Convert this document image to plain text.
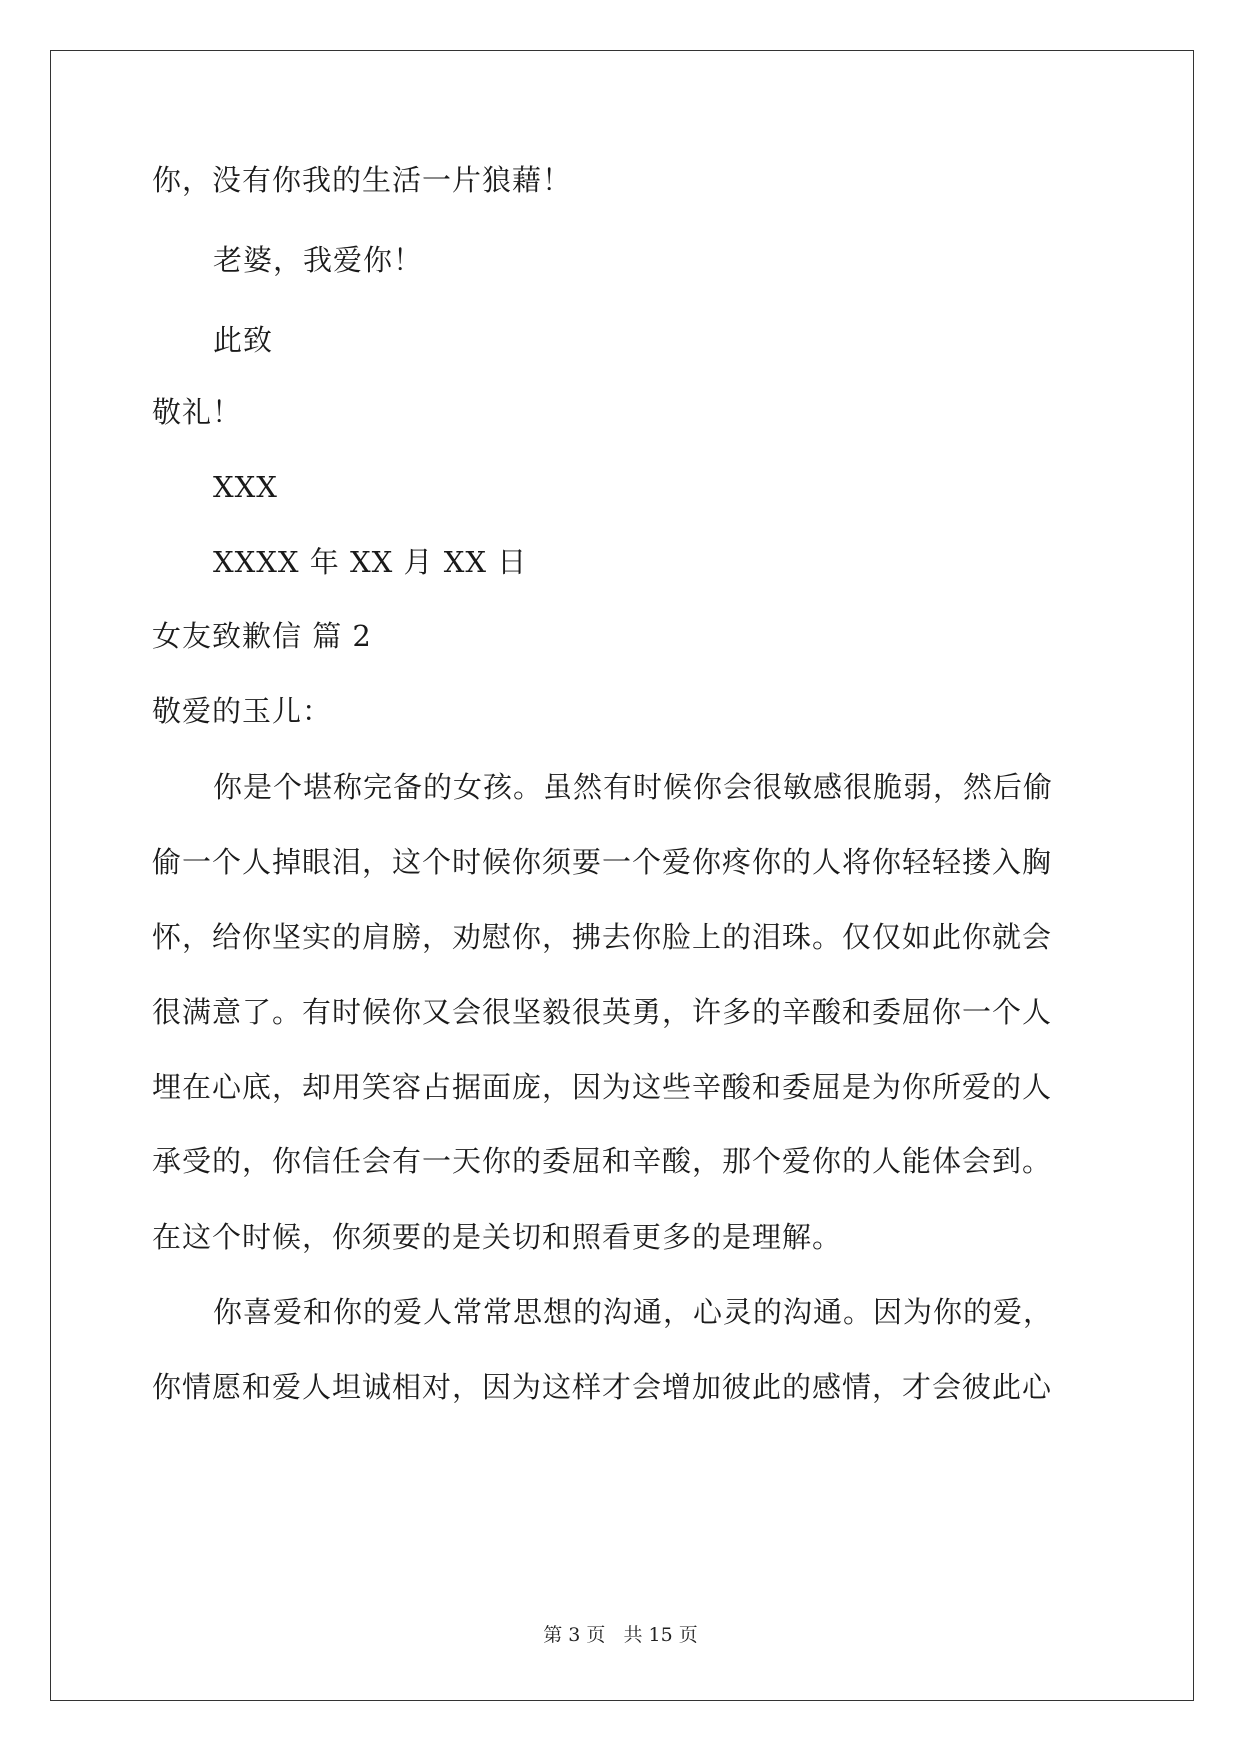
你，没有你我的生活一片狼藉！
老婆，我爱你！
此致
敬礼！
XXX
XXXX 年 XX 月 XX 日
女友致歉信 篇 2
敬爱的玉儿：
你是个堪称完备的女孩。虽然有时候你会很敏感很脆弱，然后偷
偷一个人掉眼泪，这个时候你须要一个爱你疼你的人将你轻轻搂入胸
怀，给你坚实的肩膀，劝慰你，拂去你脸上的泪珠。仅仅如此你就会
很满意了。有时候你又会很坚毅很英勇，许多的辛酸和委屈你一个人
埋在心底，却用笑容占据面庞，因为这些辛酸和委屈是为你所爱的人
承受的，你信任会有一天你的委屈和辛酸，那个爱你的人能体会到。
在这个时候，你须要的是关切和照看更多的是理解。
你喜爱和你的爱人常常思想的沟通，心灵的沟通。因为你的爱，
你情愿和爱人坦诚相对，因为这样才会增加彼此的感情，才会彼此心
第 3 页 共 15 页
